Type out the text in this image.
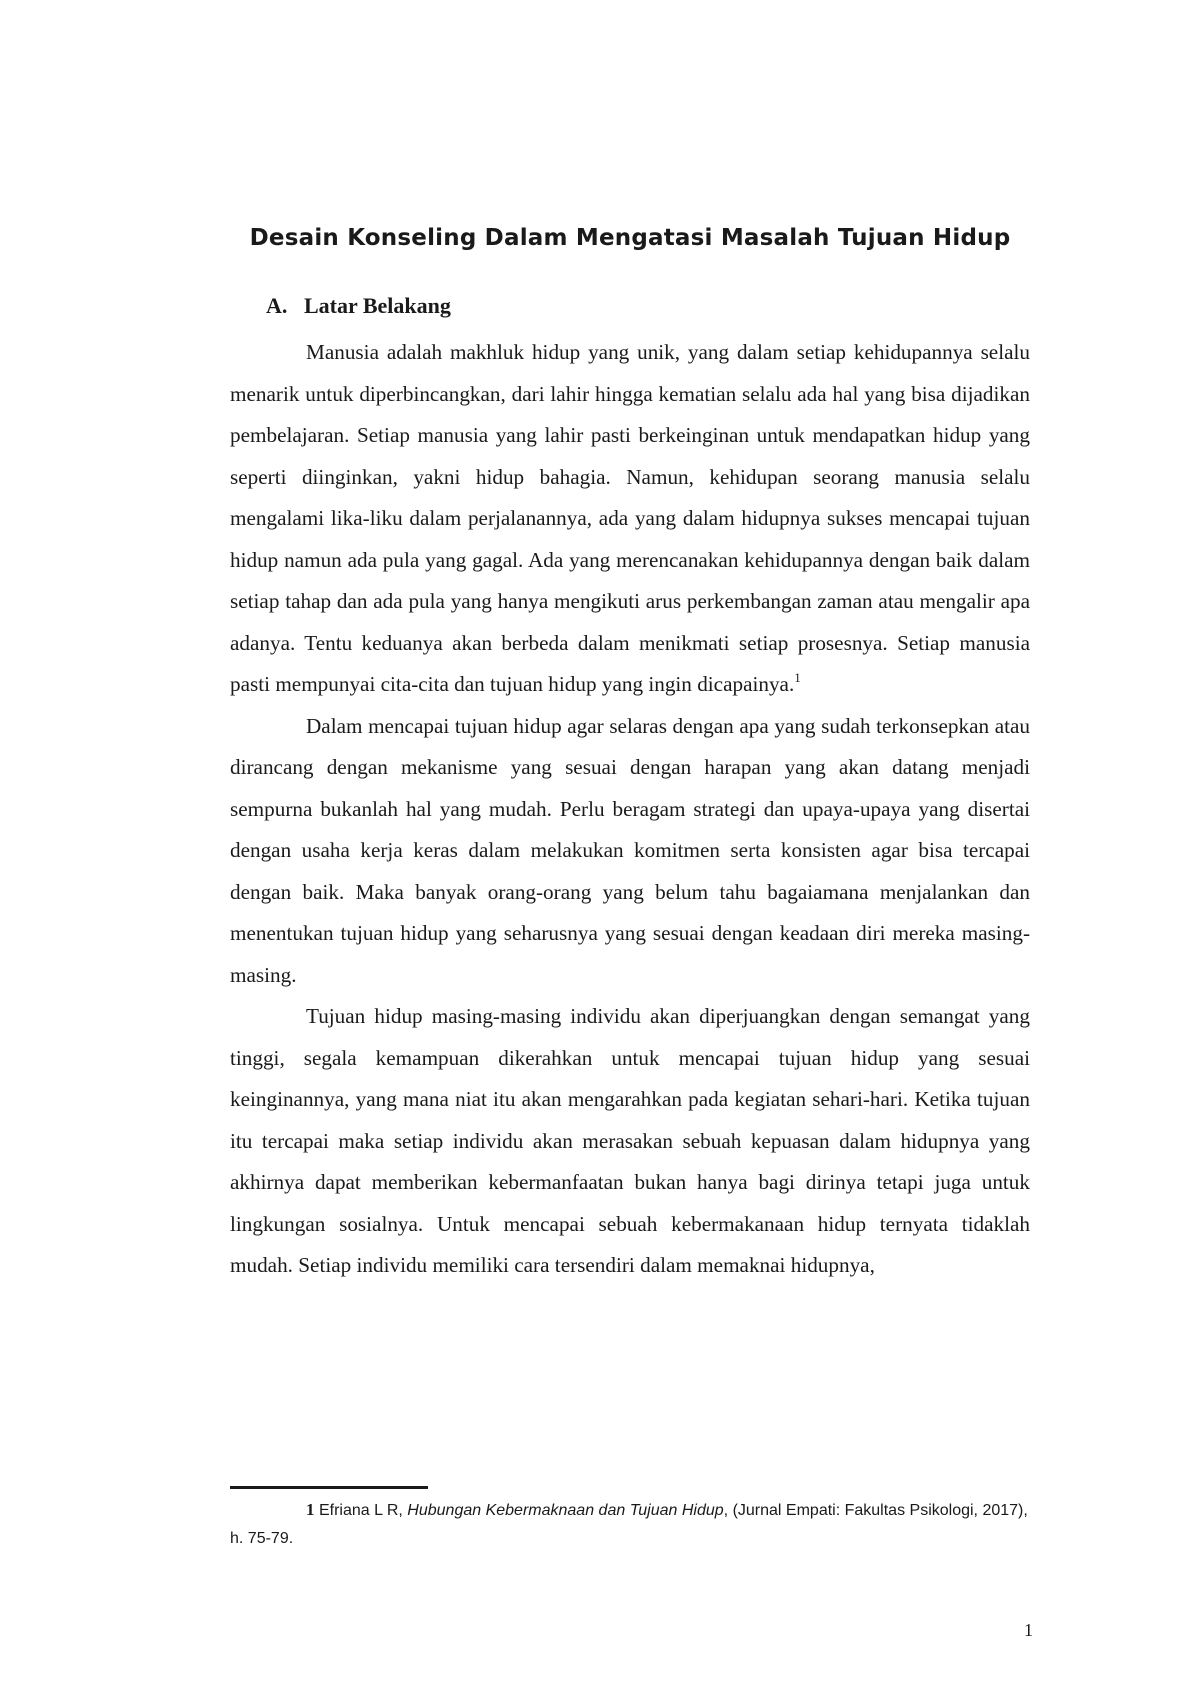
Desain Konseling Dalam Mengatasi Masalah Tujuan Hidup
A. Latar Belakang

Manusia adalah makhluk hidup yang unik, yang dalam setiap kehidupannya selalu menarik untuk diperbincangkan, dari lahir hingga kematian selalu ada hal yang bisa dijadikan pembelajaran. Setiap manusia yang lahir pasti berkeinginan untuk mendapatkan hidup yang seperti diinginkan, yakni hidup bahagia. Namun, kehidupan seorang manusia selalu mengalami lika-liku dalam perjalanannya, ada yang dalam hidupnya sukses mencapai tujuan hidup namun ada pula yang gagal. Ada yang merencanakan kehidupannya dengan baik dalam setiap tahap dan ada pula yang hanya mengikuti arus perkembangan zaman atau mengalir apa adanya. Tentu keduanya akan berbeda dalam menikmati setiap prosesnya. Setiap manusia pasti mempunyai cita-cita dan tujuan hidup yang ingin dicapainya.$^1$

Dalam mencapai tujuan hidup agar selaras dengan apa yang sudah terkonsepkan atau dirancang dengan mekanisme yang sesuai dengan harapan yang akan datang menjadi sempurna bukanlah hal yang mudah. Perlu beragam strategi dan upaya-upaya yang disertai dengan usaha kerja keras dalam melakukan komitmen serta konsisten agar bisa tercapai dengan baik. Maka banyak orang-orang yang belum tahu bagaiamana menjalankan dan menentukan tujuan hidup yang seharusnya yang sesuai dengan keadaan diri mereka masing-masing.

Tujuan hidup masing-masing individu akan diperjuangkan dengan semangat yang tinggi, segala kemampuan dikerahkan untuk mencapai tujuan hidup yang sesuai keinginannya, yang mana niat itu akan mengarahkan pada kegiatan sehari-hari. Ketika tujuan itu tercapai maka setiap individu akan merasakan sebuah kepuasan dalam hidupnya yang akhirnya dapat memberikan kebermanfaatan bukan hanya bagi dirinya tetapi juga untuk lingkungan sosialnya. Untuk mencapai sebuah kebermakanaan hidup ternyata tidaklah mudah. Setiap individu memiliki cara tersendiri dalam memaknai hidupnya,

1 Efriana L R, Hubungan Kebermaknaan dan Tujuan Hidup, (Jurnal Empati: Fakultas Psikologi, 2017), h. 75-79.
1
